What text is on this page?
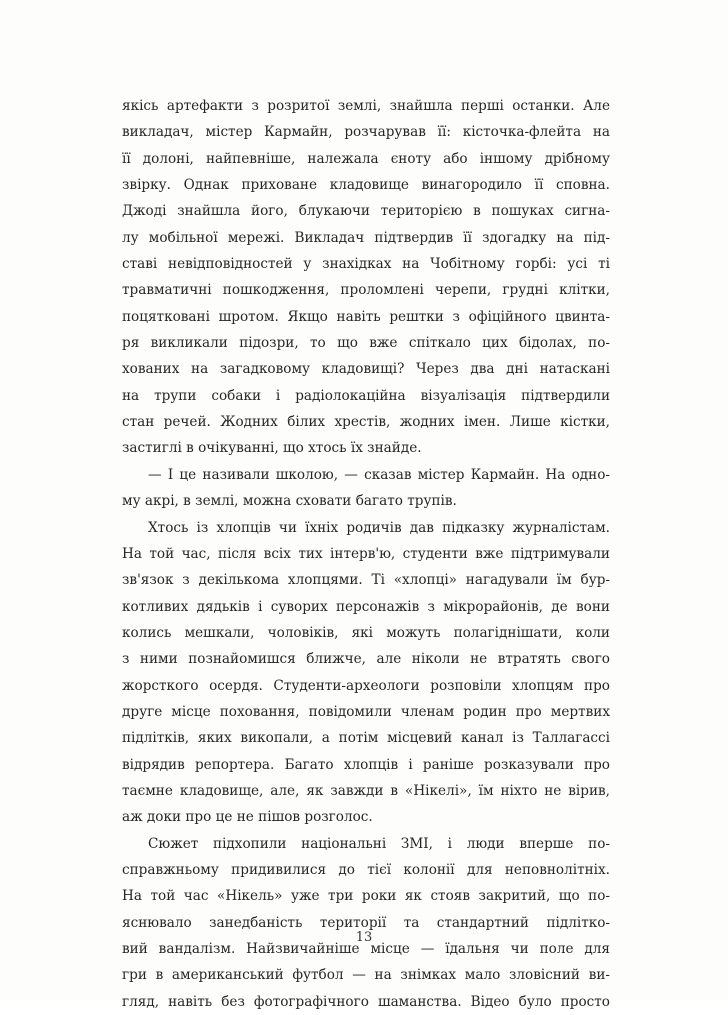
якісь артефакти з розритої землі, знайшла перші останки. Але
викладач, містер Кармайн, розчарував її: кісточка-флейта на
її долоні, найпевніше, належала єноту або іншому дрібному
звірку. Однак приховане кладовище винагородило її сповна.
Джоді знайшла його, блукаючи територією в пошуках сигна-
лу мобільної мережі. Викладач підтвердив її здогадку на під-
ставі невідповідностей у знахідках на Чобітному горбі: усі ті
травматичні пошкодження, проломлені черепи, грудні клітки,
поцятковані шротом. Якщо навіть рештки з офіційного цвинта-
ря викликали підозри, то що вже спіткало цих бідолах, по-
хованих на загадковому кладовищі? Через два дні натаскані
на трупи собаки і радіолокаційна візуалізація підтвердили
стан речей. Жодних білих хрестів, жодних імен. Лише кістки,
застиглі в очікуванні, що хтось їх знайде.
— І це називали школою, — сказав містер Кармайн. На одно-
му акрі, в землі, можна сховати багато трупів.
Хтось із хлопців чи їхніх родичів дав підказку журналістам.
На той час, після всіх тих інтерв'ю, студенти вже підтримували
зв'язок з декількома хлопцями. Ті «хлопці» нагадували їм бур-
котливих дядьків і суворих персонажів з мікрорайонів, де вони
колись мешкали, чоловіків, які можуть полагіднішати, коли
з ними познайомишся ближче, але ніколи не втратять свого
жорсткого осердя. Студенти-археологи розповіли хлопцям про
друге місце поховання, повідомили членам родин про мертвих
підлітків, яких викопали, а потім місцевий канал із Таллагассі
відрядив репортера. Багато хлопців і раніше розказували про
таємне кладовище, але, як завжди в «Нікелі», їм ніхто не вірив,
аж доки про це не пішов розголос.
Сюжет підхопили національні ЗМІ, і люди вперше по-
справжньому придивилися до тієї колонії для неповнолітніх.
На той час «Нікель» уже три роки як стояв закритий, що по-
яснювало занедбаність території та стандартний підлітко-
вий вандалізм. Найзвичайніше місце — їдальня чи поле для
гри в американський футбол — на знімках мало зловісний ви-
гляд, навіть без фотографічного шаманства. Відео було просто
13
